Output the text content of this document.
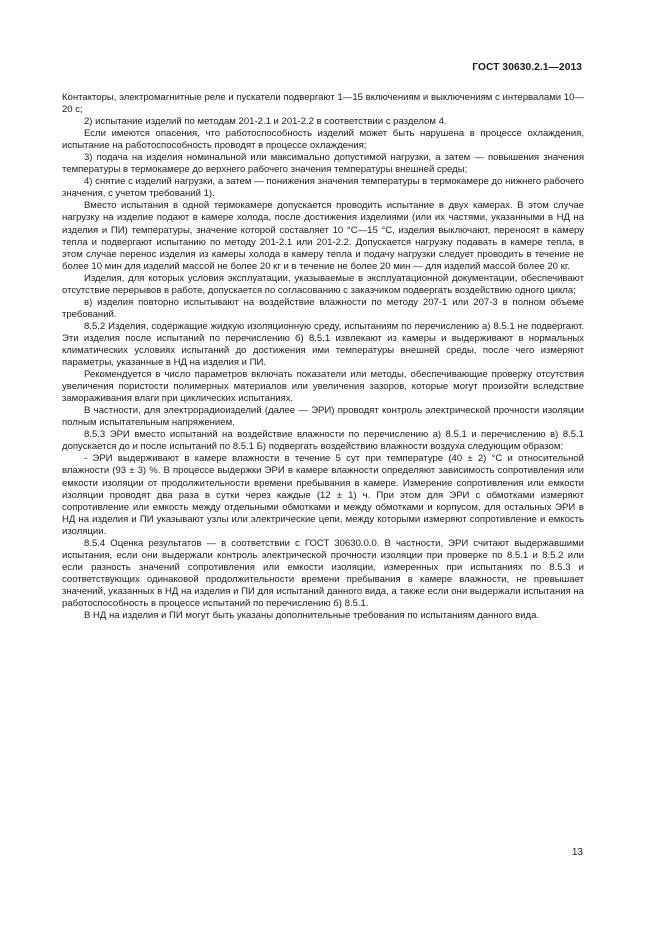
ГОСТ 30630.2.1—2013

Контакторы, электромагнитные реле и пускатели подвергают 1—15 включениям и выключениям с интервалами 10—20 с;

2) испытание изделий по методам 201-2.1 и 201-2.2 в соответствии с разделом 4.

Если имеются опасения, что работоспособность изделий может быть нарушена в процессе охлаждения, испытание на работоспособность проводят в процессе охлаждения;

3) подача на изделия номинальной или максимально допустимой нагрузки, а затем — повышения значения температуры в термокамере до верхнего рабочего значения температуры внешней среды;

4) снятие с изделий нагрузки, а затем — понижения значения температуры в термокамере до нижнего рабочего значения, с учетом требований 1).

Вместо испытания в одной термокамере допускается проводить испытание в двух камерах. В этом случае нагрузку на изделие подают в камере холода, после достижения изделиями (или их частями, указанными в НД на изделия и ПИ) температуры, значение которой составляет 10 °С—15 °С, изделия выключают, переносят в камеру тепла и подвергают испытанию по методу 201-2.1 или 201-2.2. Допускается нагрузку подавать в камере тепла, в этом случае перенос изделия из камеры холода в камеру тепла и подачу нагрузки следует проводить в течение не более 10 мин для изделий массой не более 20 кг и в течение не более 20 мин — для изделий массой более 20 кг.

Изделия, для которых условия эксплуатации, указываемые в эксплуатационной документации, обеспечивают отсутствие перерывов в работе, допускается по согласованию с заказчиком подвергать воздействию одного цикла;

в) изделия повторно испытывают на воздействие влажности по методу 207-1 или 207-3 в полном объеме требований.

8.5.2 Изделия, содержащие жидкую изоляционную среду, испытаниям по перечислению а) 8.5.1 не подвергают. Эти изделия после испытаний по перечислению б) 8.5.1 извлекают из камеры и выдерживают в нормальных климатических условиях испытаний до достижения ими температуры внешней среды, после чего измеряют параметры, указанные в НД на изделия и ПИ.

Рекомендуется в число параметров включать показатели или методы, обеспечивающие проверку отсутствия увеличения пористости полимерных материалов или увеличения зазоров, которые могут произойти вследствие замораживания влаги при циклических испытаниях.

В частности, для электрорадиоизделий (далее — ЭРИ) проводят контроль электрической прочности изоляции полным испытательным напряжением.

8.5.3 ЭРИ вместо испытаний на воздействие влажности по перечислению а) 8.5.1 и перечислению в) 8.5.1 допускается до и после испытаний по 8.5.1 Б) подвергать воздействию влажности воздуха следующим образом:

- ЭРИ выдерживают в камере влажности в течение 5 сут при температуре (40 ± 2) °С и относительной влажности (93 ± 3) %. В процессе выдержки ЭРИ в камере влажности определяют зависимость сопротивления или емкости изоляции от продолжительности времени пребывания в камере. Измерение сопротивления или емкости изоляции проводят два раза в сутки через каждые (12 ± 1) ч. При этом для ЭРИ с обмотками измеряют сопротивление или емкость между отдельными обмотками и между обмотками и корпусом, для остальных ЭРИ в НД на изделия и ПИ указывают узлы или электрические цепи, между которыми измеряют сопротивление и емкость изоляции.

8.5.4 Оценка результатов — в соответствии с ГОСТ 30630.0.0. В частности, ЭРИ считают выдержавшими испытания, если они выдержали контроль электрической прочности изоляции при проверке по 8.5.1 и 8.5.2 или если разность значений сопротивления или емкости изоляции, измеренных при испытаниях по 8.5.3 и соответствующих одинаковой продолжительности времени пребывания в камере влажности, не превышает значений, указанных в НД на изделия и ПИ для испытаний данного вида, а также если они выдержали испытания на работоспособность в процессе испытаний по перечислению б) 8.5.1.

В НД на изделия и ПИ могут быть указаны дополнительные требования по испытаниям данного вида.

13
